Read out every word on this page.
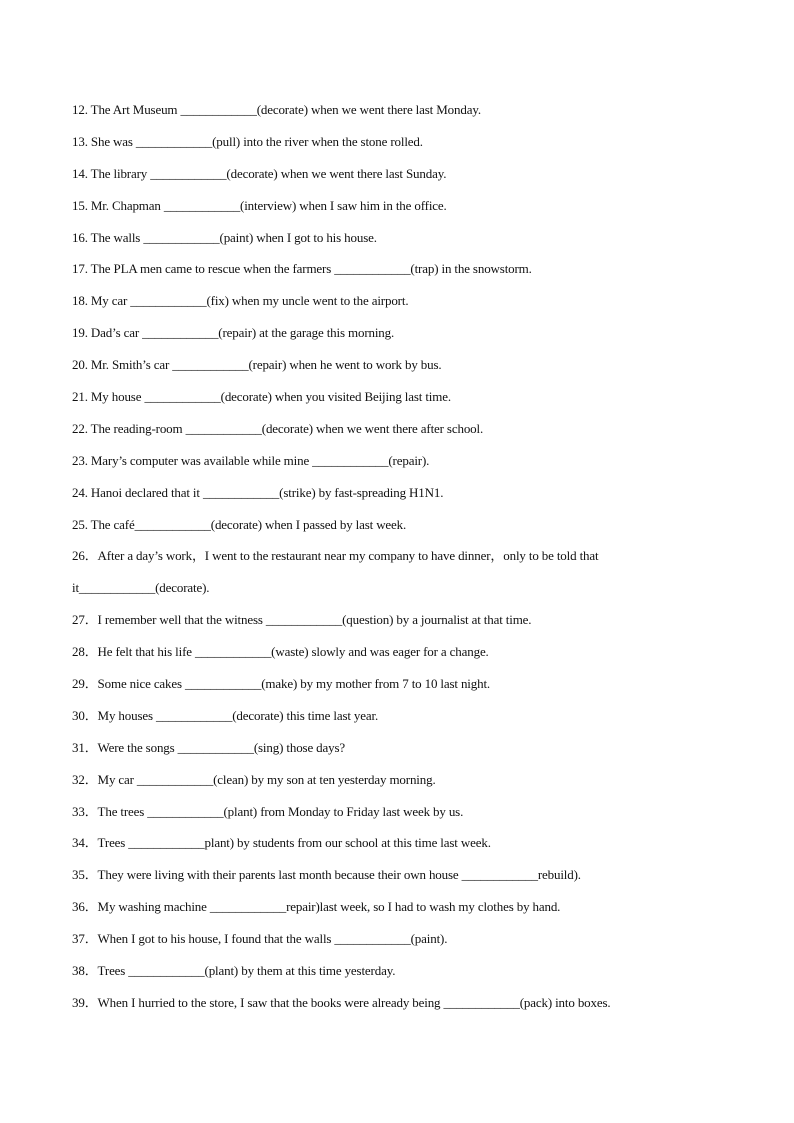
12. The Art Museum ____________(decorate) when we went there last Monday.
13. She was ____________(pull) into the river when the stone rolled.
14. The library ____________(decorate) when we went there last Sunday.
15. Mr. Chapman ____________(interview) when I saw him in the office.
16. The walls ____________(paint) when I got to his house.
17. The PLA men came to rescue when the farmers ____________(trap) in the snowstorm.
18. My car ____________(fix) when my uncle went to the airport.
19. Dad’s car ____________(repair) at the garage this morning.
20. Mr. Smith’s car ____________(repair) when he went to work by bus.
21. My house ____________(decorate) when you visited Beijing last time.
22. The reading-room ____________(decorate) when we went there after school.
23. Mary’s computer was available while mine ____________(repair).
24. Hanoi declared that it ____________(strike) by fast-spreading H1N1.
25. The café____________(decorate) when I passed by last week.
26．After a day’s work，I went to the restaurant near my company to have dinner，only to be told that
it____________(decorate).
27．I remember well that the witness ____________(question) by a journalist at that time.
28．He felt that his life ____________(waste) slowly and was eager for a change.
29．Some nice cakes ____________(make) by my mother from 7 to 10 last night.
30．My houses ____________(decorate) this time last year.
31．Were the songs ____________(sing) those days?
32．My car ____________(clean) by my son at ten yesterday morning.
33．The trees ____________(plant) from Monday to Friday last week by us.
34．Trees ____________plant) by students from our school at this time last week.
35．They were living with their parents last month because their own house ____________rebuild).
36．My washing machine ____________repair)last week, so I had to wash my clothes by hand.
37．When I got to his house, I found that the walls ____________(paint).
38．Trees ____________(plant) by them at this time yesterday.
39．When I hurried to the store, I saw that the books were already being ____________(pack) into boxes.
